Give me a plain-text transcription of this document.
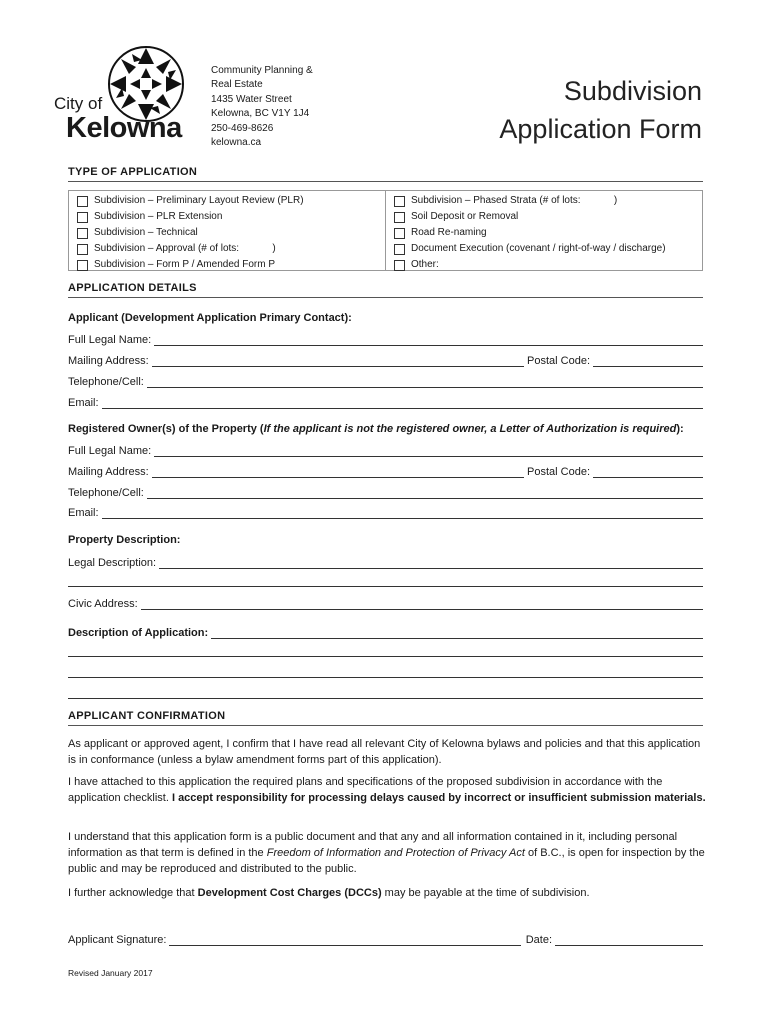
City of
Kelowna
Community Planning &
Real Estate
1435 Water Street
Kelowna, BC V1Y 1J4
250-469-8626
kelowna.ca
Subdivision
Application Form
TYPE OF APPLICATION
Subdivision – Preliminary Layout Review (PLR)
Subdivision – PLR Extension
Subdivision – Technical
Subdivision – Approval (# of lots:            )
Subdivision – Form P / Amended Form P
Subdivision – Phased Strata (# of lots:            )
Soil Deposit or Removal
Road Re-naming
Document Execution (covenant / right-of-way / discharge)
Other:
APPLICATION DETAILS
Applicant (Development Application Primary Contact):
Full Legal Name:
Mailing Address:	Postal Code:
Telephone/Cell:
Email:
Registered Owner(s) of the Property (If the applicant is not the registered owner, a Letter of Authorization is required):
Full Legal Name:
Mailing Address:	Postal Code:
Telephone/Cell:
Email:
Property Description:
Legal Description:
Civic Address:
Description of Application:
APPLICANT CONFIRMATION
As applicant or approved agent, I confirm that I have read all relevant City of Kelowna bylaws and policies and that this application is in conformance (unless a bylaw amendment forms part of this application).
I have attached to this application the required plans and specifications of the proposed subdivision in accordance with the application checklist. I accept responsibility for processing delays caused by incorrect or insufficient submission materials.
I understand that this application form is a public document and that any and all information contained in it, including personal information as that term is defined in the Freedom of Information and Protection of Privacy Act of B.C., is open for inspection by the public and may be reproduced and distributed to the public.
I further acknowledge that Development Cost Charges (DCCs) may be payable at the time of subdivision.
Applicant Signature:	Date:
Revised January 2017
